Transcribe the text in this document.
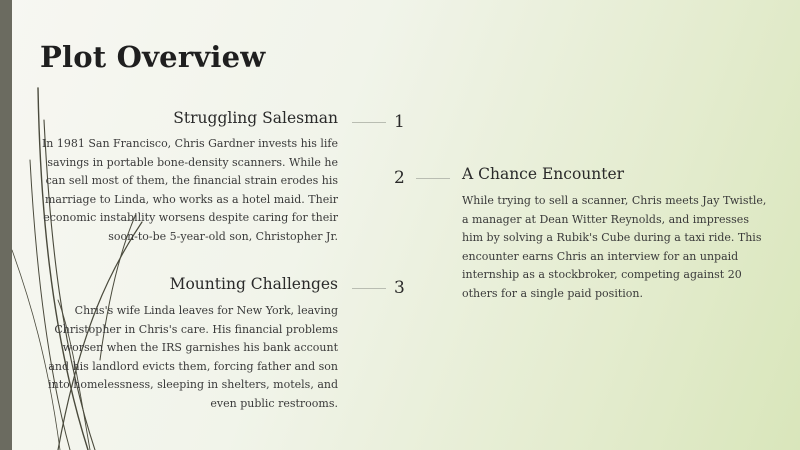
Plot Overview
Struggling Salesman

In 1981 San Francisco, Chris Gardner invests his life savings in portable bone-density scanners. While he can sell most of them, the financial strain erodes his marriage to Linda, who works as a hotel maid. Their economic instability worsens despite caring for their soon-to-be 5-year-old son, Christopher Jr.

1
2	A Chance Encounter

While trying to sell a scanner, Chris meets Jay Twistle, a manager at Dean Witter Reynolds, and impresses him by solving a Rubik's Cube during a taxi ride. This encounter earns Chris an interview for an unpaid internship as a stockbroker, competing against 20 others for a single paid position.

Mounting Challenges

Chris's wife Linda leaves for New York, leaving Christopher in Chris's care. His financial problems worsen when the IRS garnishes his bank account and his landlord evicts them, forcing father and son into homelessness, sleeping in shelters, motels, and even public restrooms.

3
